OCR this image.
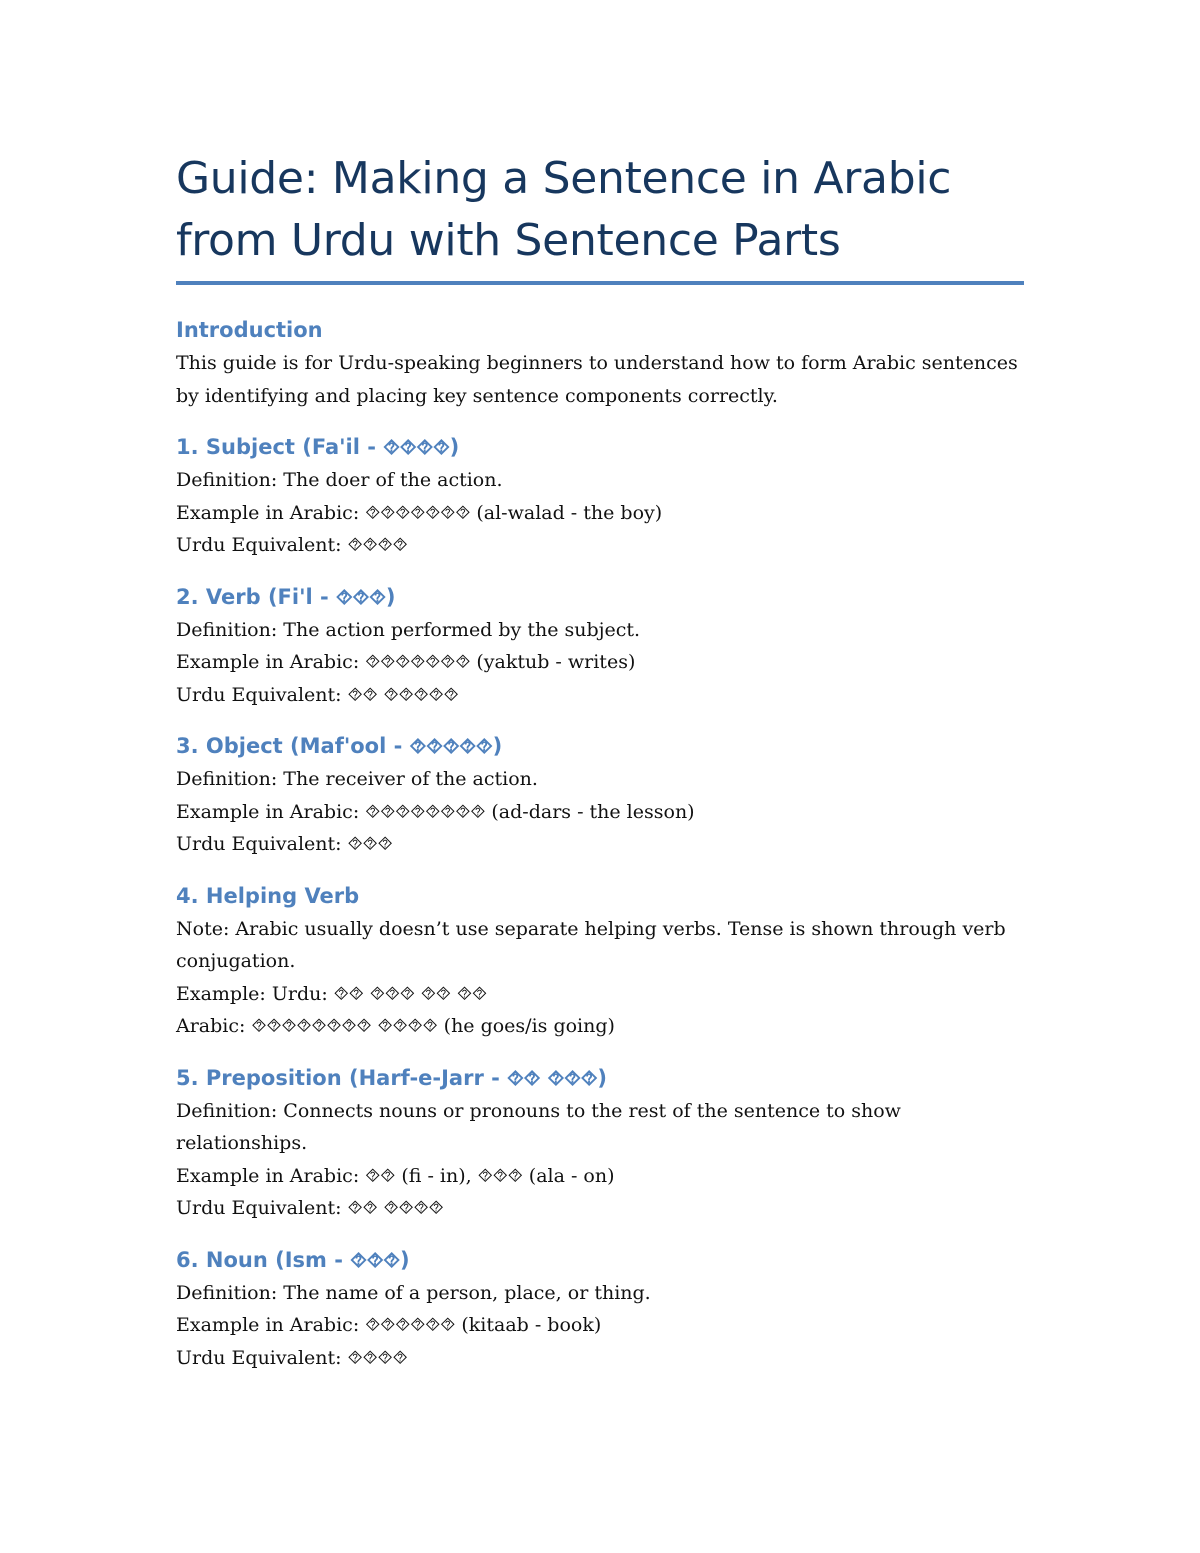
Guide: Making a Sentence in Arabic
from Urdu with Sentence Parts
Introduction

This guide is for Urdu-speaking beginners to understand how to form Arabic sentences by identifying and placing key sentence components correctly.

1. Subject (Fa'il - ⯑⯑⯑⯑)

Definition: The doer of the action.

Example in Arabic: ⯑⯑⯑⯑⯑⯑⯑ (al-walad - the boy)

Urdu Equivalent: ⯑⯑⯑⯑

2. Verb (Fi'l - ⯑⯑⯑)

Definition: The action performed by the subject.

Example in Arabic: ⯑⯑⯑⯑⯑⯑⯑ (yaktub - writes)

Urdu Equivalent: ⯑⯑ ⯑⯑⯑⯑⯑

3. Object (Maf'ool - ⯑⯑⯑⯑⯑)

Definition: The receiver of the action.

Example in Arabic: ⯑⯑⯑⯑⯑⯑⯑⯑ (ad-dars - the lesson)

Urdu Equivalent: ⯑⯑⯑

4. Helping Verb

Note: Arabic usually doesn’t use separate helping verbs. Tense is shown through verb conjugation.

Example: Urdu: ⯑⯑ ⯑⯑⯑ ⯑⯑ ⯑⯑

Arabic: ⯑⯑⯑⯑⯑⯑⯑⯑ ⯑⯑⯑⯑ (he goes/is going)

5. Preposition (Harf-e-Jarr - ⯑⯑ ⯑⯑⯑)

Definition: Connects nouns or pronouns to the rest of the sentence to show relationships.

Example in Arabic: ⯑⯑ (fi - in), ⯑⯑⯑ (ala - on)

Urdu Equivalent: ⯑⯑ ⯑⯑⯑⯑

6. Noun (Ism - ⯑⯑⯑)

Definition: The name of a person, place, or thing.

Example in Arabic: ⯑⯑⯑⯑⯑⯑ (kitaab - book)

Urdu Equivalent: ⯑⯑⯑⯑
